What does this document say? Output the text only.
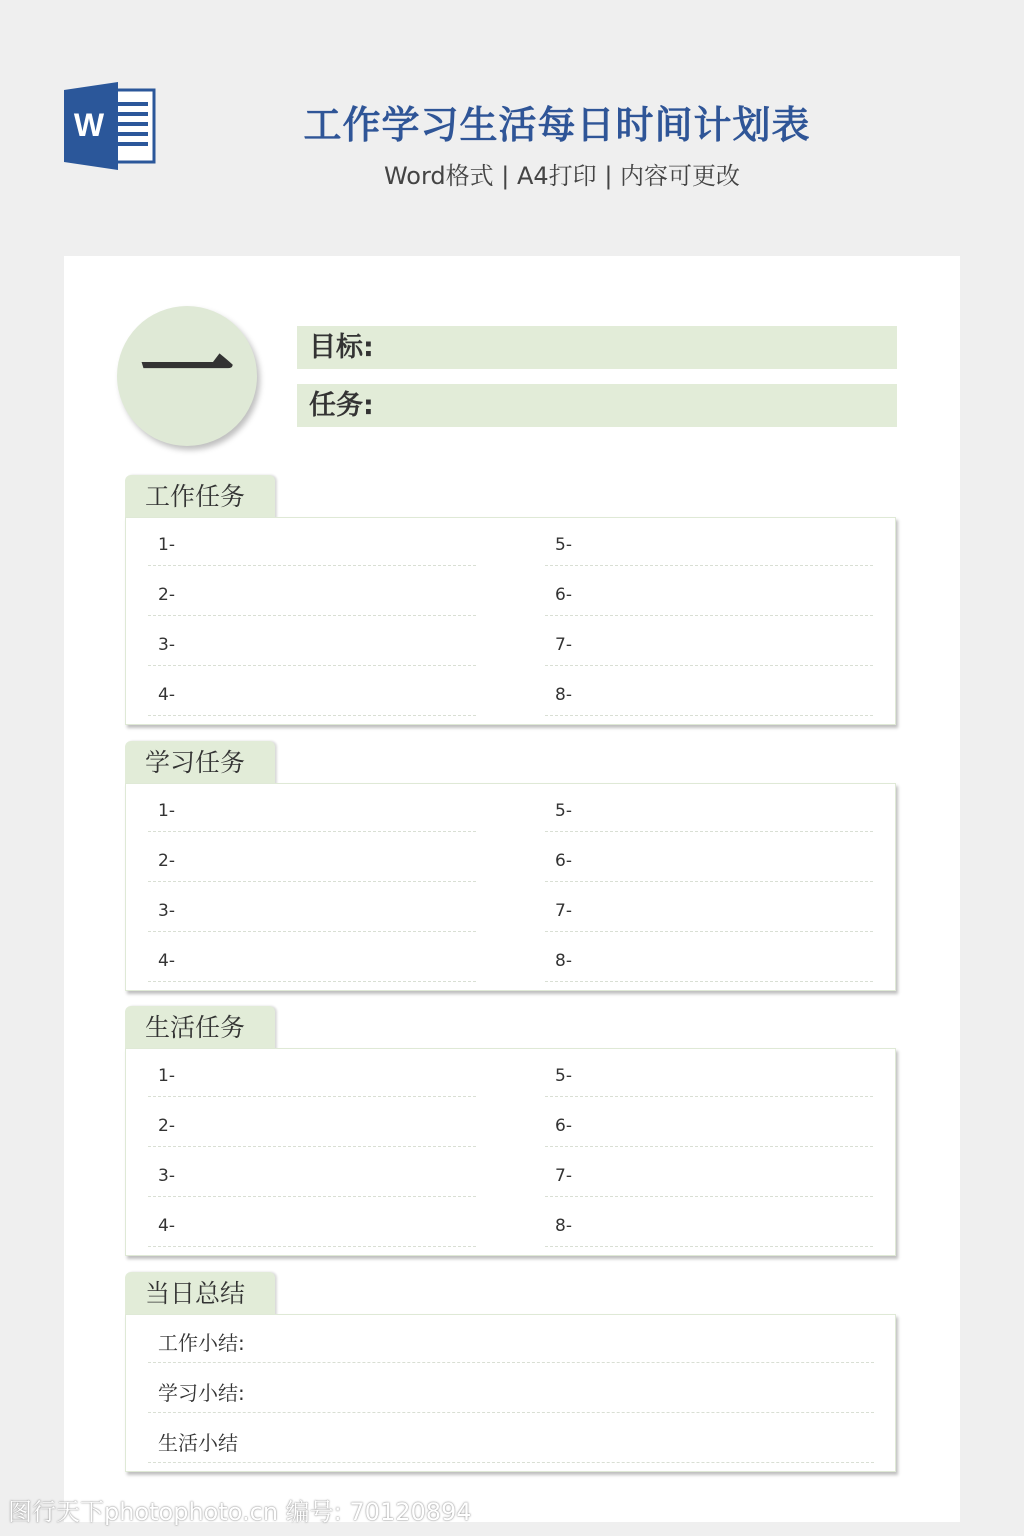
W	工作学习生活每日时间计划表
Word格式 | A4打印 | 内容可更改
一	目标:
任务:
工作任务
1-
2-
3-
4-
5-
6-
7-
8-
学习任务
1-
2-
3-
4-
5-
6-
7-
8-
生活任务
1-
2-
3-
4-
5-
6-
7-
8-
当日总结
工作小结:
学习小结:
生活小结
图行天下photophoto.cn 编号: 70120894
